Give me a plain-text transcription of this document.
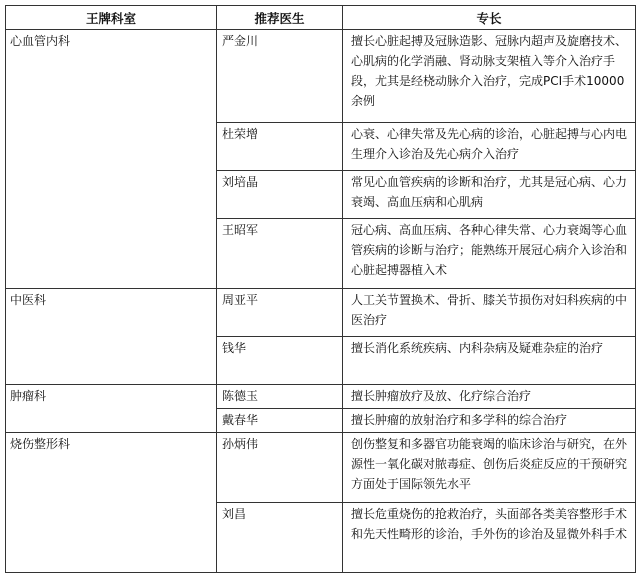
王牌科室	推荐医生	专长
心血管内科	严金川	擅长心脏起搏及冠脉造影、冠脉内超声及旋磨技术、心肌病的化学消融、肾动脉支架植入等介入治疗手段，尤其是经桡动脉介入治疗，完成PCI手术10000余例
	杜荣增	心衰、心律失常及先心病的诊治，心脏起搏与心内电生理介入诊治及先心病介入治疗
	刘培晶	常见心血管疾病的诊断和治疗，尤其是冠心病、心力衰竭、高血压病和心肌病
	王昭军	冠心病、高血压病、各种心律失常、心力衰竭等心血管疾病的诊断与治疗；能熟练开展冠心病介入诊治和心脏起搏器植入术
中医科	周亚平	人工关节置换术、骨折、膝关节损伤对妇科疾病的中医治疗
	钱华	擅长消化系统疾病、内科杂病及疑难杂症的治疗
肿瘤科	陈德玉	擅长肿瘤放疗及放、化疗综合治疗
	戴春华	擅长肿瘤的放射治疗和多学科的综合治疗
烧伤整形科	孙炳伟	创伤整复和多器官功能衰竭的临床诊治与研究，在外源性一氧化碳对脓毒症、创伤后炎症反应的干预研究方面处于国际领先水平
	刘昌	擅长危重烧伤的抢救治疗，头面部各类美容整形手术和先天性畸形的诊治，手外伤的诊治及显微外科手术
